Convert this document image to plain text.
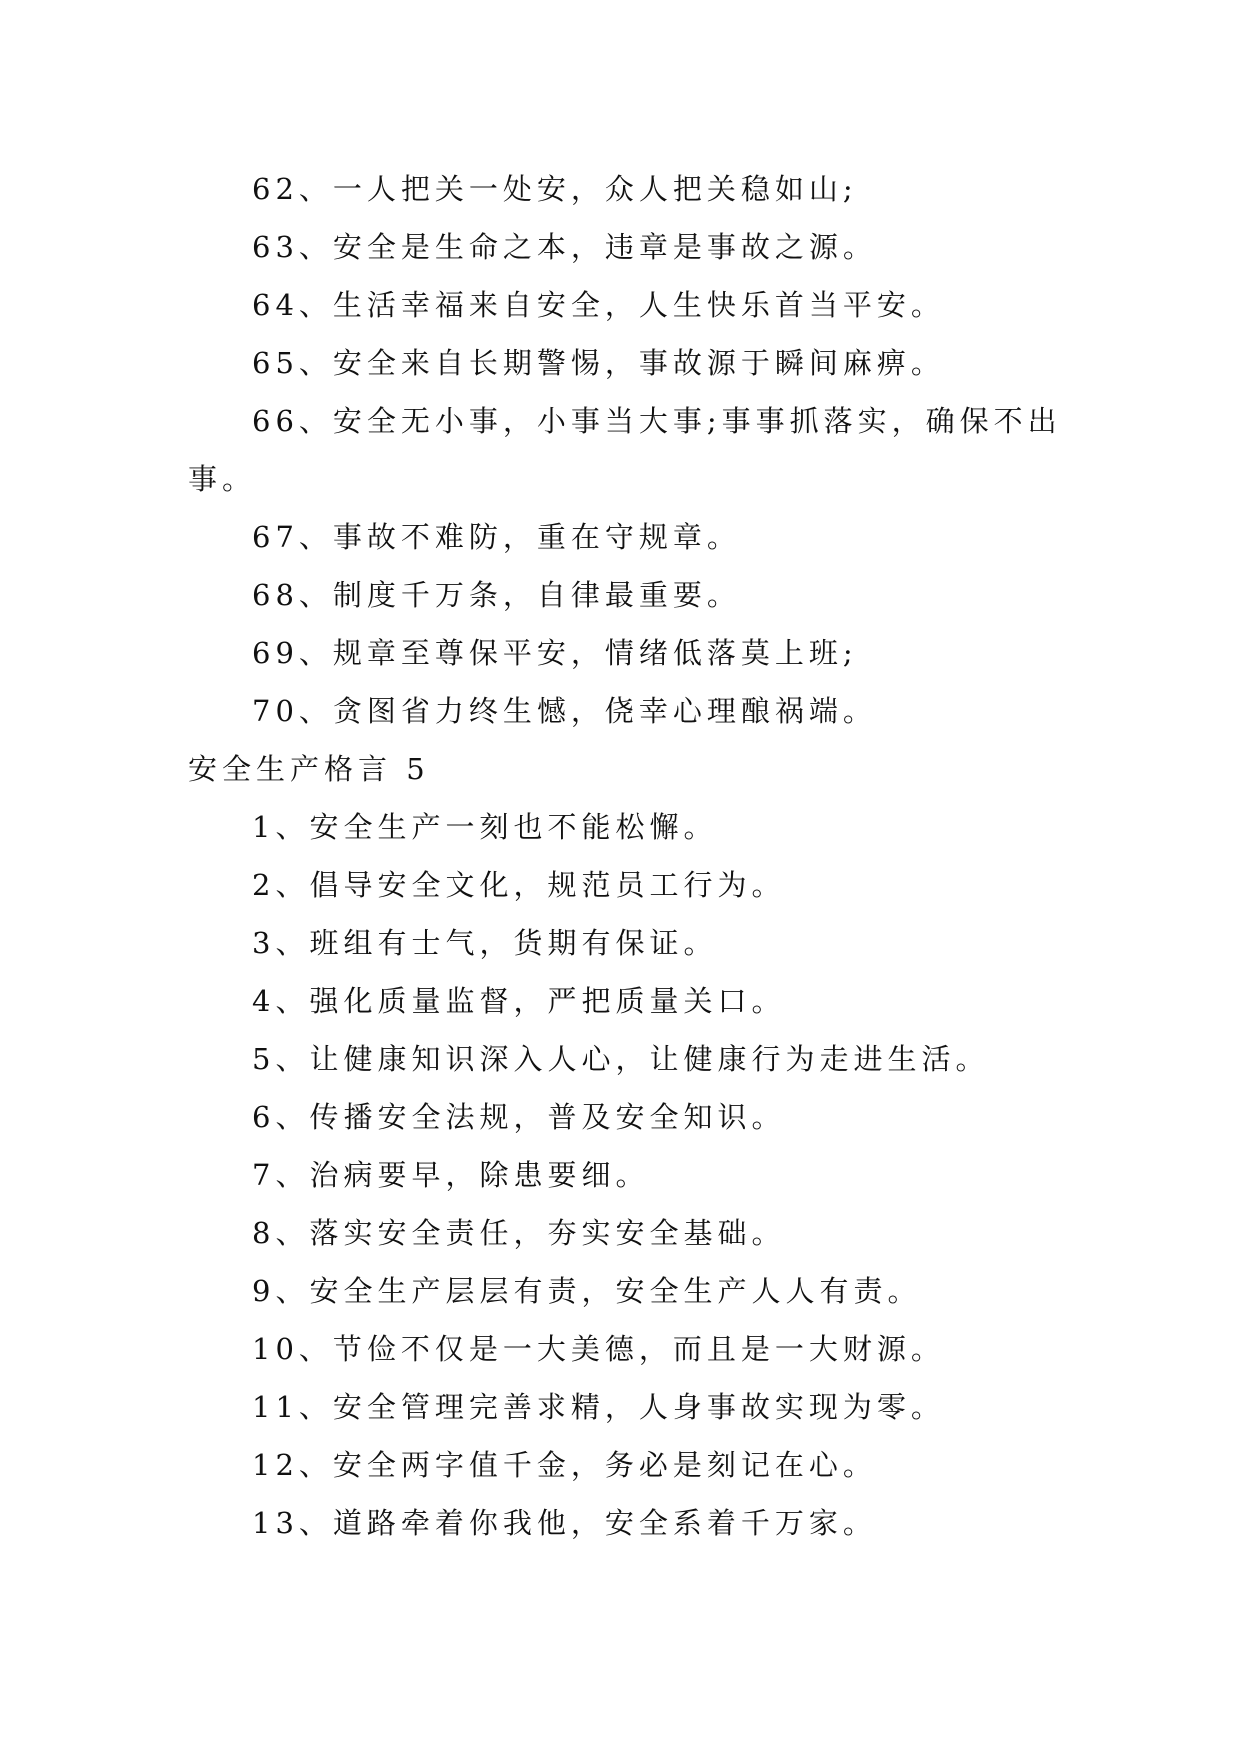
62、一人把关一处安，众人把关稳如山;
63、安全是生命之本，违章是事故之源。
64、生活幸福来自安全，人生快乐首当平安。
65、安全来自长期警惕，事故源于瞬间麻痹。
66、安全无小事，小事当大事;事事抓落实，确保不出
事。
67、事故不难防，重在守规章。
68、制度千万条，自律最重要。
69、规章至尊保平安，情绪低落莫上班;
70、贪图省力终生憾，侥幸心理酿祸端。
安全生产格言 5
1、安全生产一刻也不能松懈。
2、倡导安全文化，规范员工行为。
3、班组有士气，货期有保证。
4、强化质量监督，严把质量关口。
5、让健康知识深入人心，让健康行为走进生活。
6、传播安全法规，普及安全知识。
7、治病要早，除患要细。
8、落实安全责任，夯实安全基础。
9、安全生产层层有责，安全生产人人有责。
10、节俭不仅是一大美德，而且是一大财源。
11、安全管理完善求精，人身事故实现为零。
12、安全两字值千金，务必是刻记在心。
13、道路牵着你我他，安全系着千万家。
